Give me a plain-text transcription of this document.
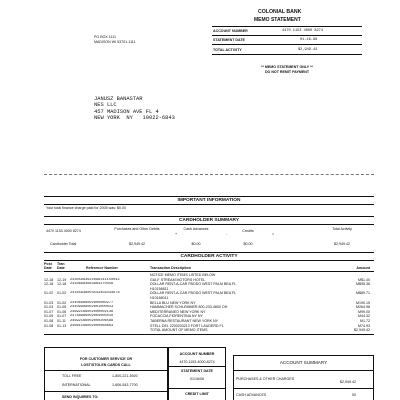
COLONIAL BANK
MEMO STATEMENT
ACCOUNT NUMBER	4470 1153 4000 8274
STATEMENT DATE	01-16-98
TOTAL ACTIVITY	$2,949.42
** MEMO STATEMENT ONLY **
DO NOT REMIT PAYMENT
PO BOX 1111
MADISON WI 53701-1111

JANUSZ BANASTAR
NES LLC
457 MADISON AVE FL 4
NEW YORK  NY   10022-6843
IMPORTANT INFORMATION
Your total finance charge paid for 2005 was: $0.00
CARDHOLDER SUMMARY
4470 1153 4000 8274	Purchases and Other Debits	Cash Advances	Credits	Total Activity
+	-	=
Cardholder Total	$2,949.42	$0.00	$0.00	$2,949.42
CARDHOLDER ACTIVITY
Post Date
Tran Date	Reference Number	Transaction Description	Amount
NOTICE MEMO ITEMS LISTED BELOW
12-18	12-19	24305983625099141150042	GULF STREAM MOTORS HOTEL	M$1.40
12-18	12-18	24106983663984270456	DOLLAR RENT-A-CAR FBODO WEST PALM BEA FL	M$95.36
H10156811
01-02	01-02	24165836003543403434676	DOLLAR RENT-A-CAR FBODO WEST PALM BEA FL	M$89.71
H10168011
01-03	01-02	24406988002800080277	BELLA BLU NEW YORK NY	M190.15
01-03	01-05	24409988002801000013	HAMMACHER SCHLEMMER 800-233-4800 OH	M264.98
01-07	01-06	24692166002000002138	MEDITERRANEO NEW YORK NY	M99.00
01-09	01-07	24788966002004005019	FOCACCIA FIORENTINA NY NY	M44.32
01-08	01-11	24692166002000206588	TABERNA RESTAURANT NEW YORK NY	M1.72
01-08	01-13	24661166002000068663	STELL DEL 2200203213 FORT LAUDERD FL	M74.93
TOTAL AMOUNT OF MEMO ITEMS	$2,949.42
FOR CUSTOMER SERVICE OR
LOST/STOLEN CARDS CALL
TOLL FREE	1-800-221-5920
INTERNATIONAL	1-606-543-7700
SEND INQUIRIES TO:
ACCOUNT NUMBER
4470-1153-4000-8274
STATEMENT DATE
01/16/06
CREDIT LIMIT
ACCOUNT SUMMARY
PURCHASES & OTHER CHARGES
$2,949.42
CASH ADVANCES	00
